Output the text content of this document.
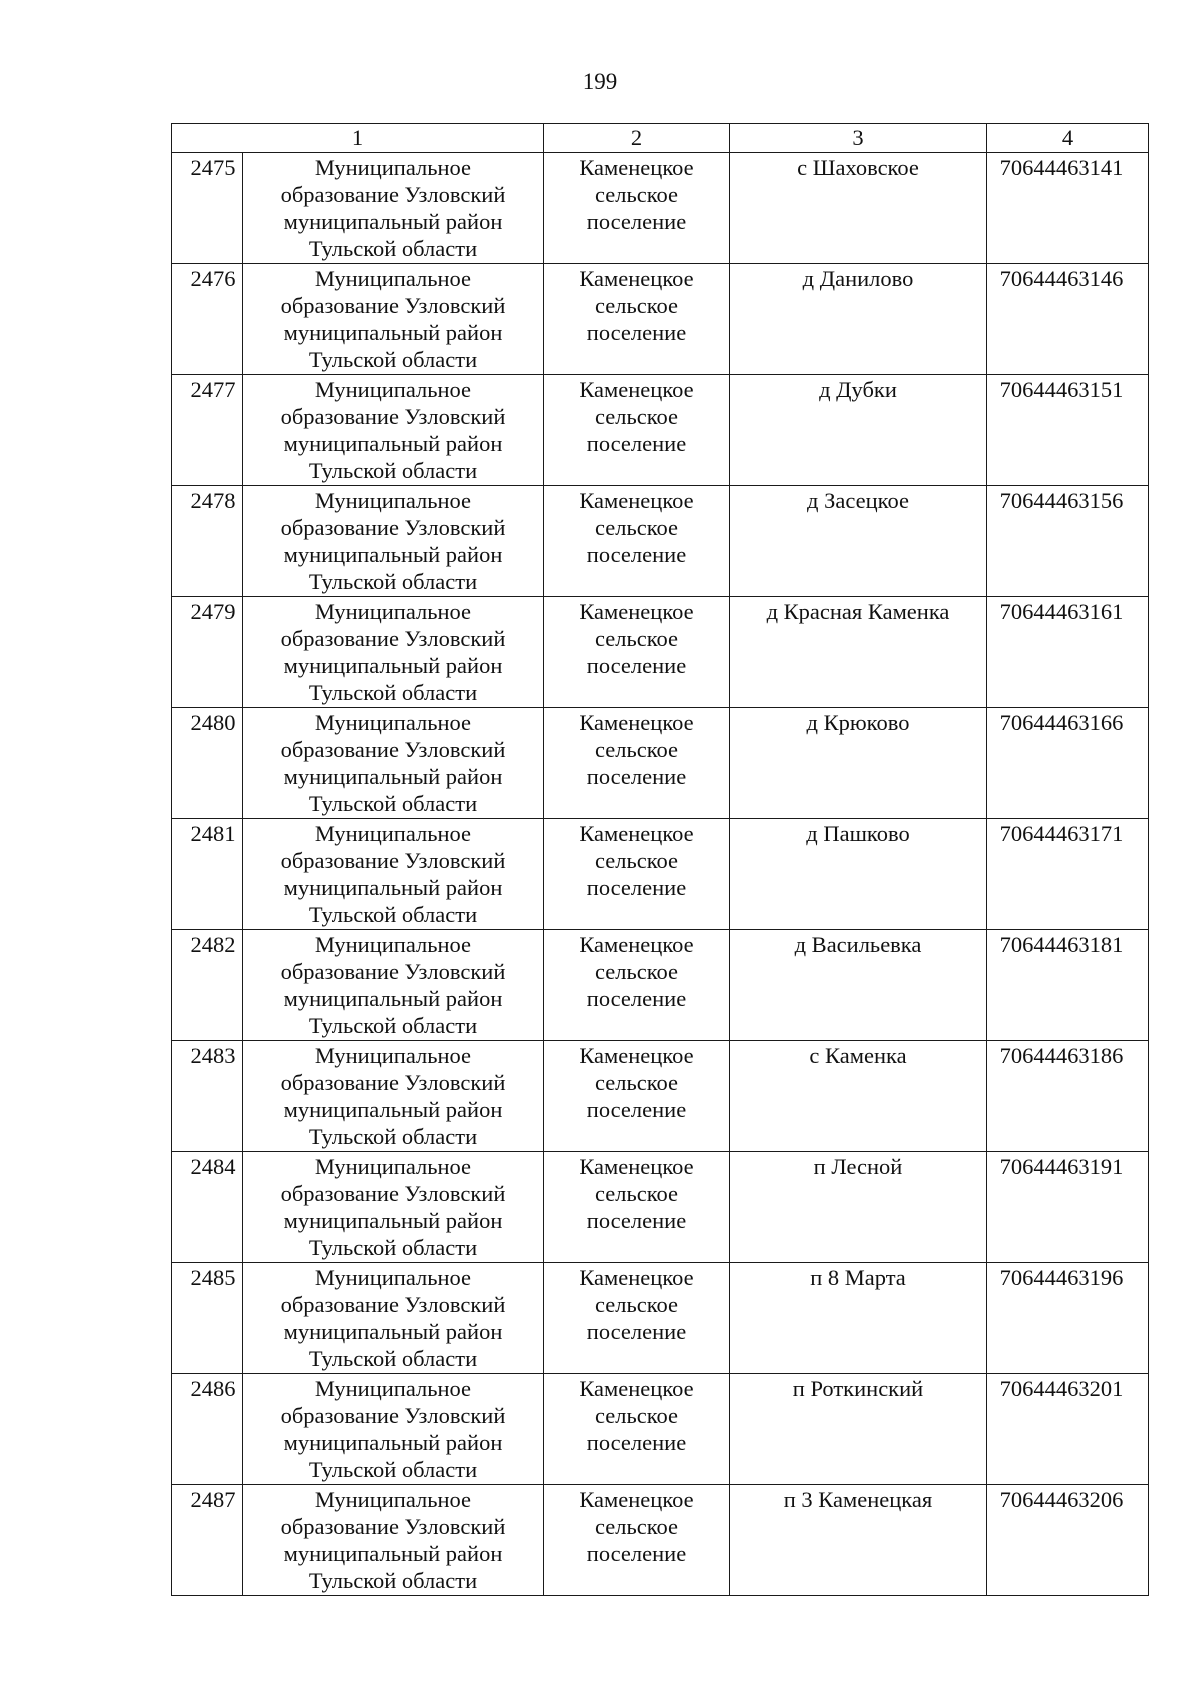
199
1		2	3	4
2475	Муниципальное
образование Узловский
муниципальный район
Тульской области	Каменецкое
сельское
поселение	с Шаховское	70644463141
2476	Муниципальное
образование Узловский
муниципальный район
Тульской области	Каменецкое
сельское
поселение	д Данилово	70644463146
2477	Муниципальное
образование Узловский
муниципальный район
Тульской области	Каменецкое
сельское
поселение	д Дубки	70644463151
2478	Муниципальное
образование Узловский
муниципальный район
Тульской области	Каменецкое
сельское
поселение	д Засецкое	70644463156
2479	Муниципальное
образование Узловский
муниципальный район
Тульской области	Каменецкое
сельское
поселение	д Красная Каменка	70644463161
2480	Муниципальное
образование Узловский
муниципальный район
Тульской области	Каменецкое
сельское
поселение	д Крюково	70644463166
2481	Муниципальное
образование Узловский
муниципальный район
Тульской области	Каменецкое
сельское
поселение	д Пашково	70644463171
2482	Муниципальное
образование Узловский
муниципальный район
Тульской области	Каменецкое
сельское
поселение	д Васильевка	70644463181
2483	Муниципальное
образование Узловский
муниципальный район
Тульской области	Каменецкое
сельское
поселение	с Каменка	70644463186
2484	Муниципальное
образование Узловский
муниципальный район
Тульской области	Каменецкое
сельское
поселение	п Лесной	70644463191
2485	Муниципальное
образование Узловский
муниципальный район
Тульской области	Каменецкое
сельское
поселение	п 8 Марта	70644463196
2486	Муниципальное
образование Узловский
муниципальный район
Тульской области	Каменецкое
сельское
поселение	п Роткинский	70644463201
2487	Муниципальное
образование Узловский
муниципальный район
Тульской области	Каменецкое
сельское
поселение	п 3 Каменецкая	70644463206
